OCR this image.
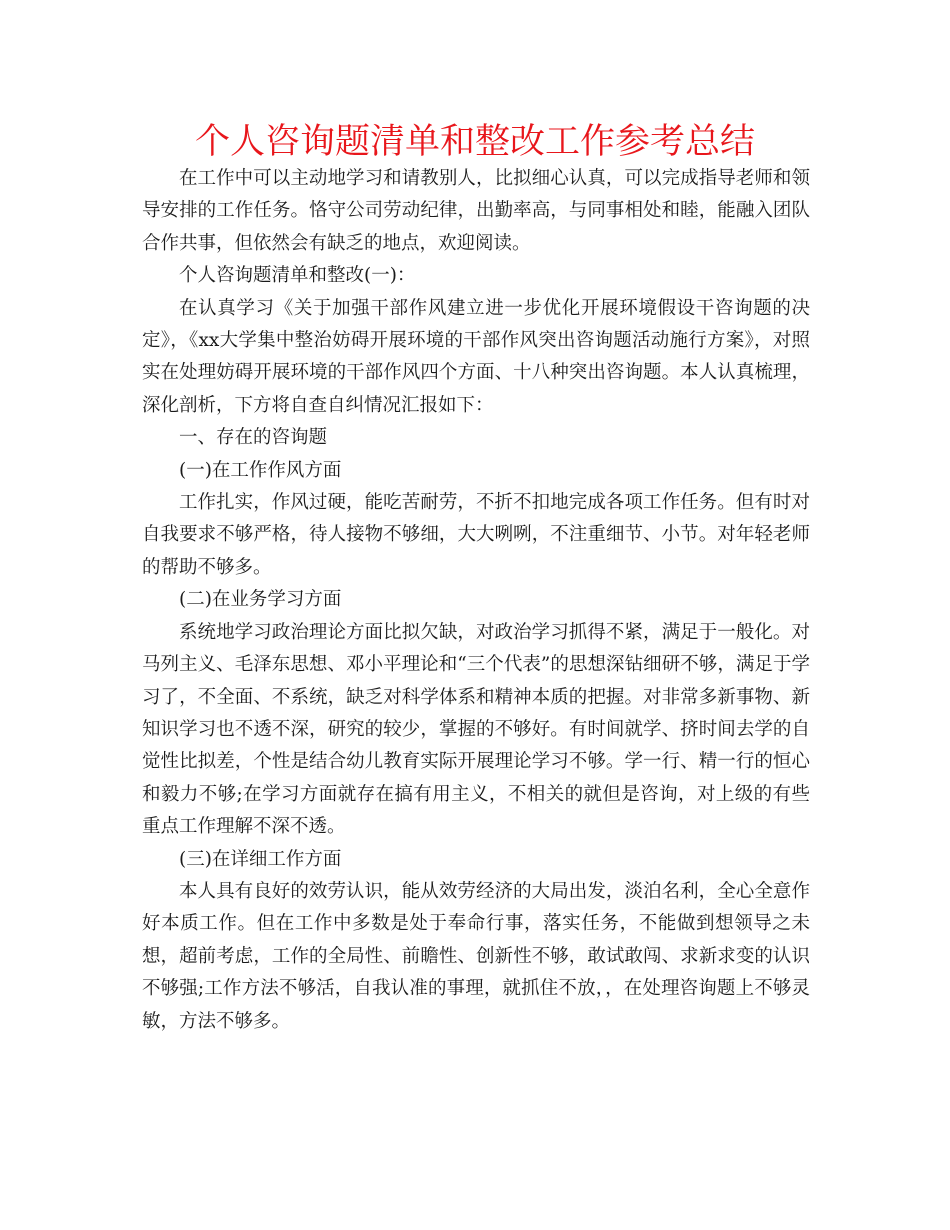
个人咨询题清单和整改工作参考总结

在工作中可以主动地学习和请教别人，比拟细心认真，可以完成指导老师和领导安排的工作任务。恪守公司劳动纪律，出勤率高，与同事相处和睦，能融入团队合作共事，但依然会有缺乏的地点，欢迎阅读。

个人咨询题清单和整改(一)：

在认真学习《关于加强干部作风建立进一步优化开展环境假设干咨询题的决定》，《xx大学集中整治妨碍开展环境的干部作风突出咨询题活动施行方案》，对照实在处理妨碍开展环境的干部作风四个方面、十八种突出咨询题。本人认真梳理，深化剖析，下方将自查自纠情况汇报如下：

一、存在的咨询题

(一)在工作作风方面

工作扎实，作风过硬，能吃苦耐劳，不折不扣地完成各项工作任务。但有时对自我要求不够严格，待人接物不够细，大大咧咧，不注重细节、小节。对年轻老师的帮助不够多。

(二)在业务学习方面

系统地学习政治理论方面比拟欠缺，对政治学习抓得不紧，满足于一般化。对马列主义、毛泽东思想、邓小平理论和“三个代表”的思想深钻细研不够，满足于学习了，不全面、不系统，缺乏对科学体系和精神本质的把握。对非常多新事物、新知识学习也不透不深，研究的较少，掌握的不够好。有时间就学、挤时间去学的自觉性比拟差，个性是结合幼儿教育实际开展理论学习不够。学一行、精一行的恒心和毅力不够;在学习方面就存在搞有用主义，不相关的就但是咨询，对上级的有些重点工作理解不深不透。

(三)在详细工作方面

本人具有良好的效劳认识，能从效劳经济的大局出发，淡泊名利，全心全意作好本质工作。但在工作中多数是处于奉命行事，落实任务，不能做到想领导之未想，超前考虑，工作的全局性、前瞻性、创新性不够，敢试敢闯、求新求变的认识不够强;工作方法不够活，自我认准的事理，就抓住不放，，在处理咨询题上不够灵敏，方法不够多。
